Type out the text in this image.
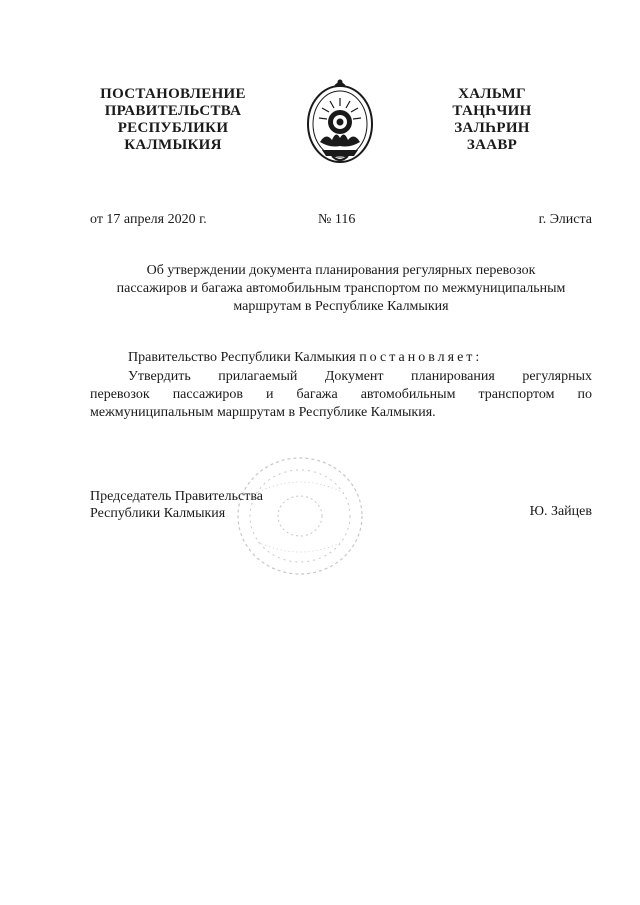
ПОСТАНОВЛЕНИЕ
ПРАВИТЕЛЬСТВА
РЕСПУБЛИКИ
КАЛМЫКИЯ
ХАЛЬМГ
ТАҢҺЧИН
ЗАЛҺРИН
ЗААВР
от 17 апреля 2020 г.	№ 116	г. Элиста
Об утверждении документа планирования регулярных перевозок
пассажиров и багажа автомобильным транспортом по межмуниципальным
маршрутам в Республике Калмыкия
Правительство Республики Калмыкия постановляет:
Утвердить прилагаемый Документ планирования регулярных
перевозок пассажиров и багажа автомобильным транспортом по
межмуниципальным маршрутам в Республике Калмыкия.
Председатель Правительства
Республики Калмыкия	Ю. Зайцев
